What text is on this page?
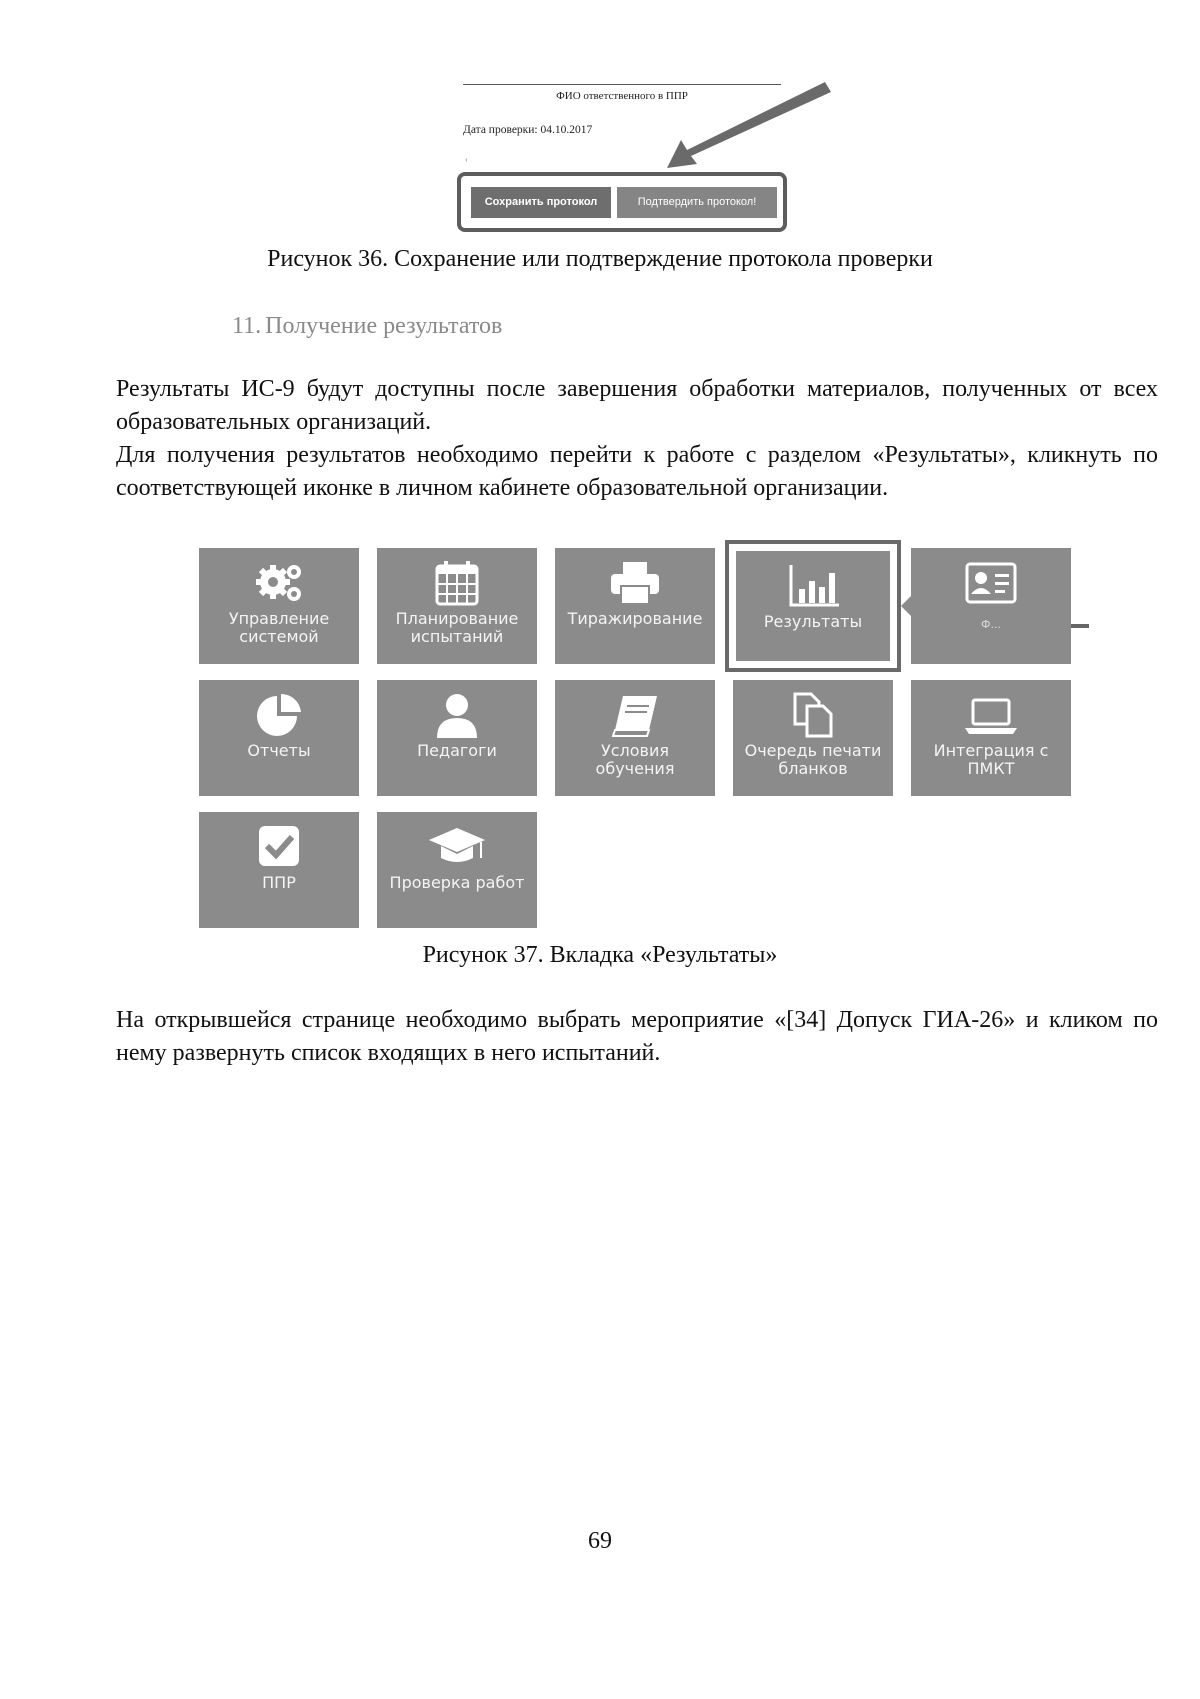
ФИО ответственного в ППР
Дата проверки: 04.10.2017
‹
Сохранить протокол	Подтвердить протокол!
Рисунок 36. Сохранение или подтверждение протокола проверки
11. Получение результатов

Результаты ИС-9 будут доступны после завершения обработки материалов, полученных от всех образовательных организаций.

Для получения результатов необходимо перейти к работе с разделом «Результаты», кликнуть по соответствующей иконке в личном кабинете образовательной организации.

Управление
системой
Планирование
испытаний
Тиражирование	Результаты	Ф...
Отчеты	Педагоги	Условия
обучения
Очередь печати
бланков
Интеграция с
ПМКТ
ППР	Проверка работ
Рисунок 37. Вкладка «Результаты»

На открывшейся странице необходимо выбрать мероприятие «[34] Допуск ГИА-26» и кликом по нему развернуть список входящих в него испытаний.

69
